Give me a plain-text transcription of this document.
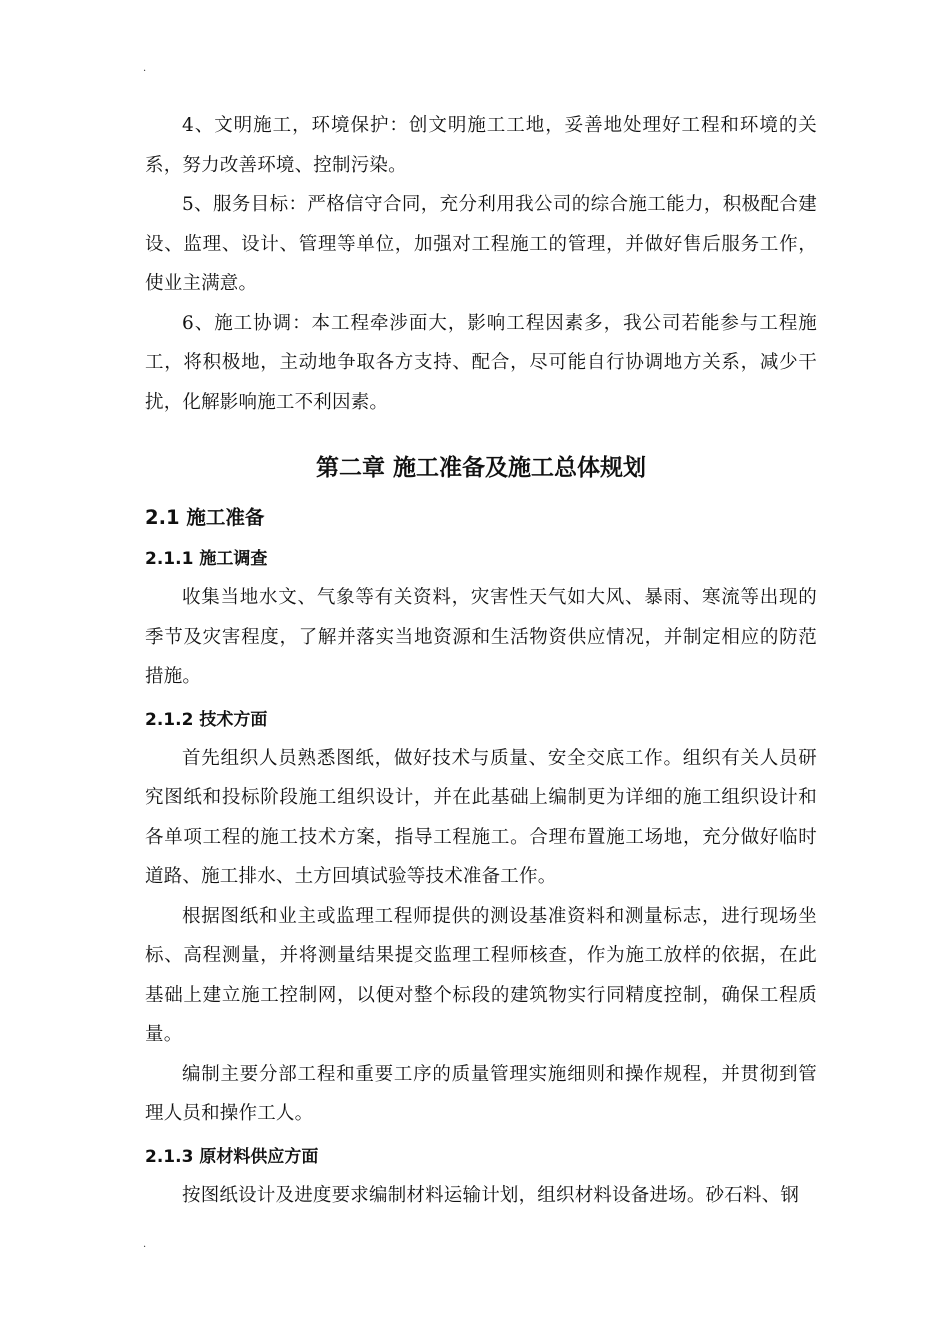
.

4、文明施工，环境保护：创文明施工工地，妥善地处理好工程和环境的关系，努力改善环境、控制污染。

5、服务目标：严格信守合同，充分利用我公司的综合施工能力，积极配合建设、监理、设计、管理等单位，加强对工程施工的管理，并做好售后服务工作，使业主满意。

6、施工协调：本工程牵涉面大，影响工程因素多，我公司若能参与工程施工，将积极地，主动地争取各方支持、配合，尽可能自行协调地方关系，减少干扰，化解影响施工不利因素。

第二章 施工准备及施工总体规划
2.1 施工准备
2.1.1 施工调查

收集当地水文、气象等有关资料，灾害性天气如大风、暴雨、寒流等出现的季节及灾害程度，了解并落实当地资源和生活物资供应情况，并制定相应的防范措施。

2.1.2 技术方面

首先组织人员熟悉图纸，做好技术与质量、安全交底工作。组织有关人员研究图纸和投标阶段施工组织设计，并在此基础上编制更为详细的施工组织设计和各单项工程的施工技术方案，指导工程施工。合理布置施工场地，充分做好临时道路、施工排水、土方回填试验等技术准备工作。

根据图纸和业主或监理工程师提供的测设基准资料和测量标志，进行现场坐标、高程测量，并将测量结果提交监理工程师核查，作为施工放样的依据，在此基础上建立施工控制网，以便对整个标段的建筑物实行同精度控制，确保工程质量。

编制主要分部工程和重要工序的质量管理实施细则和操作规程，并贯彻到管理人员和操作工人。

2.1.3 原材料供应方面

按图纸设计及进度要求编制材料运输计划，组织材料设备进场。砂石料、钢

.
